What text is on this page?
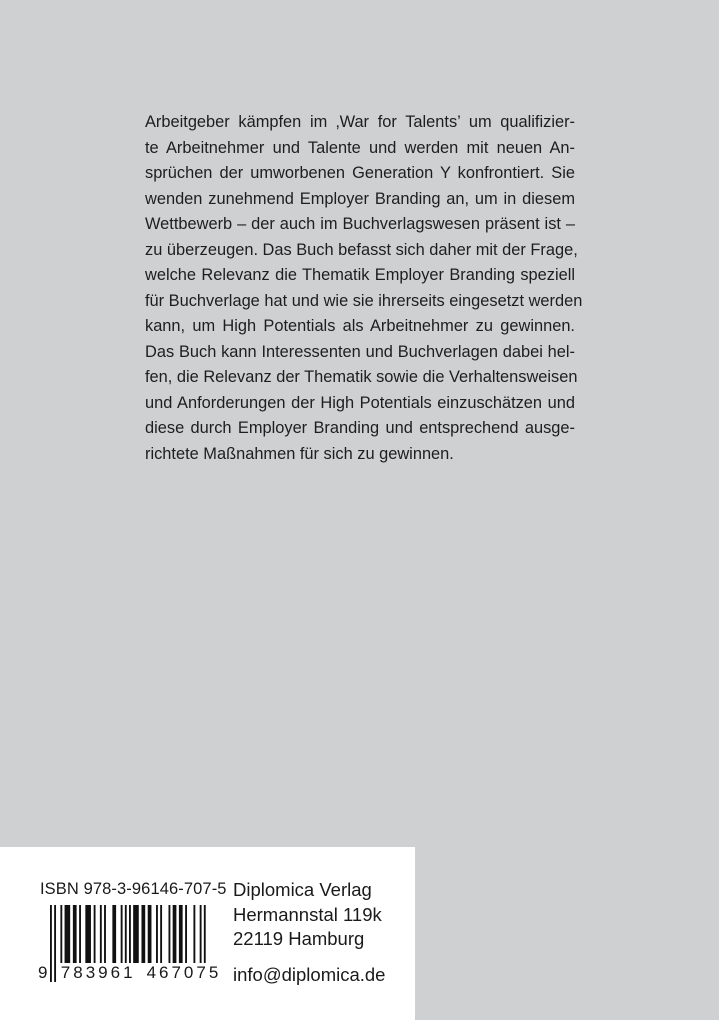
Arbeitgeber kämpfen im ‚War for Talents’ um qualifizier-
te Arbeitnehmer und Talente und werden mit neuen An-
sprüchen der umworbenen Generation Y konfrontiert. Sie
wenden zunehmend Employer Branding an, um in diesem
Wettbewerb – der auch im Buchverlagswesen präsent ist –
zu überzeugen. Das Buch befasst sich daher mit der Frage,
welche Relevanz die Thematik Employer Branding speziell
für Buchverlage hat und wie sie ihrerseits eingesetzt werden
kann, um High Potentials als Arbeitnehmer zu gewinnen.
Das Buch kann Interessenten und Buchverlagen dabei hel-
fen, die Relevanz der Thematik sowie die Verhaltensweisen
und Anforderungen der High Potentials einzuschätzen und
diese durch Employer Branding und entsprechend ausge-
richtete Maßnahmen für sich zu gewinnen.
ISBN 978-3-96146-707-5
9 783961 467075
Diplomica Verlag
Hermannstal 119k
22119 Hamburg
info@diplomica.de
